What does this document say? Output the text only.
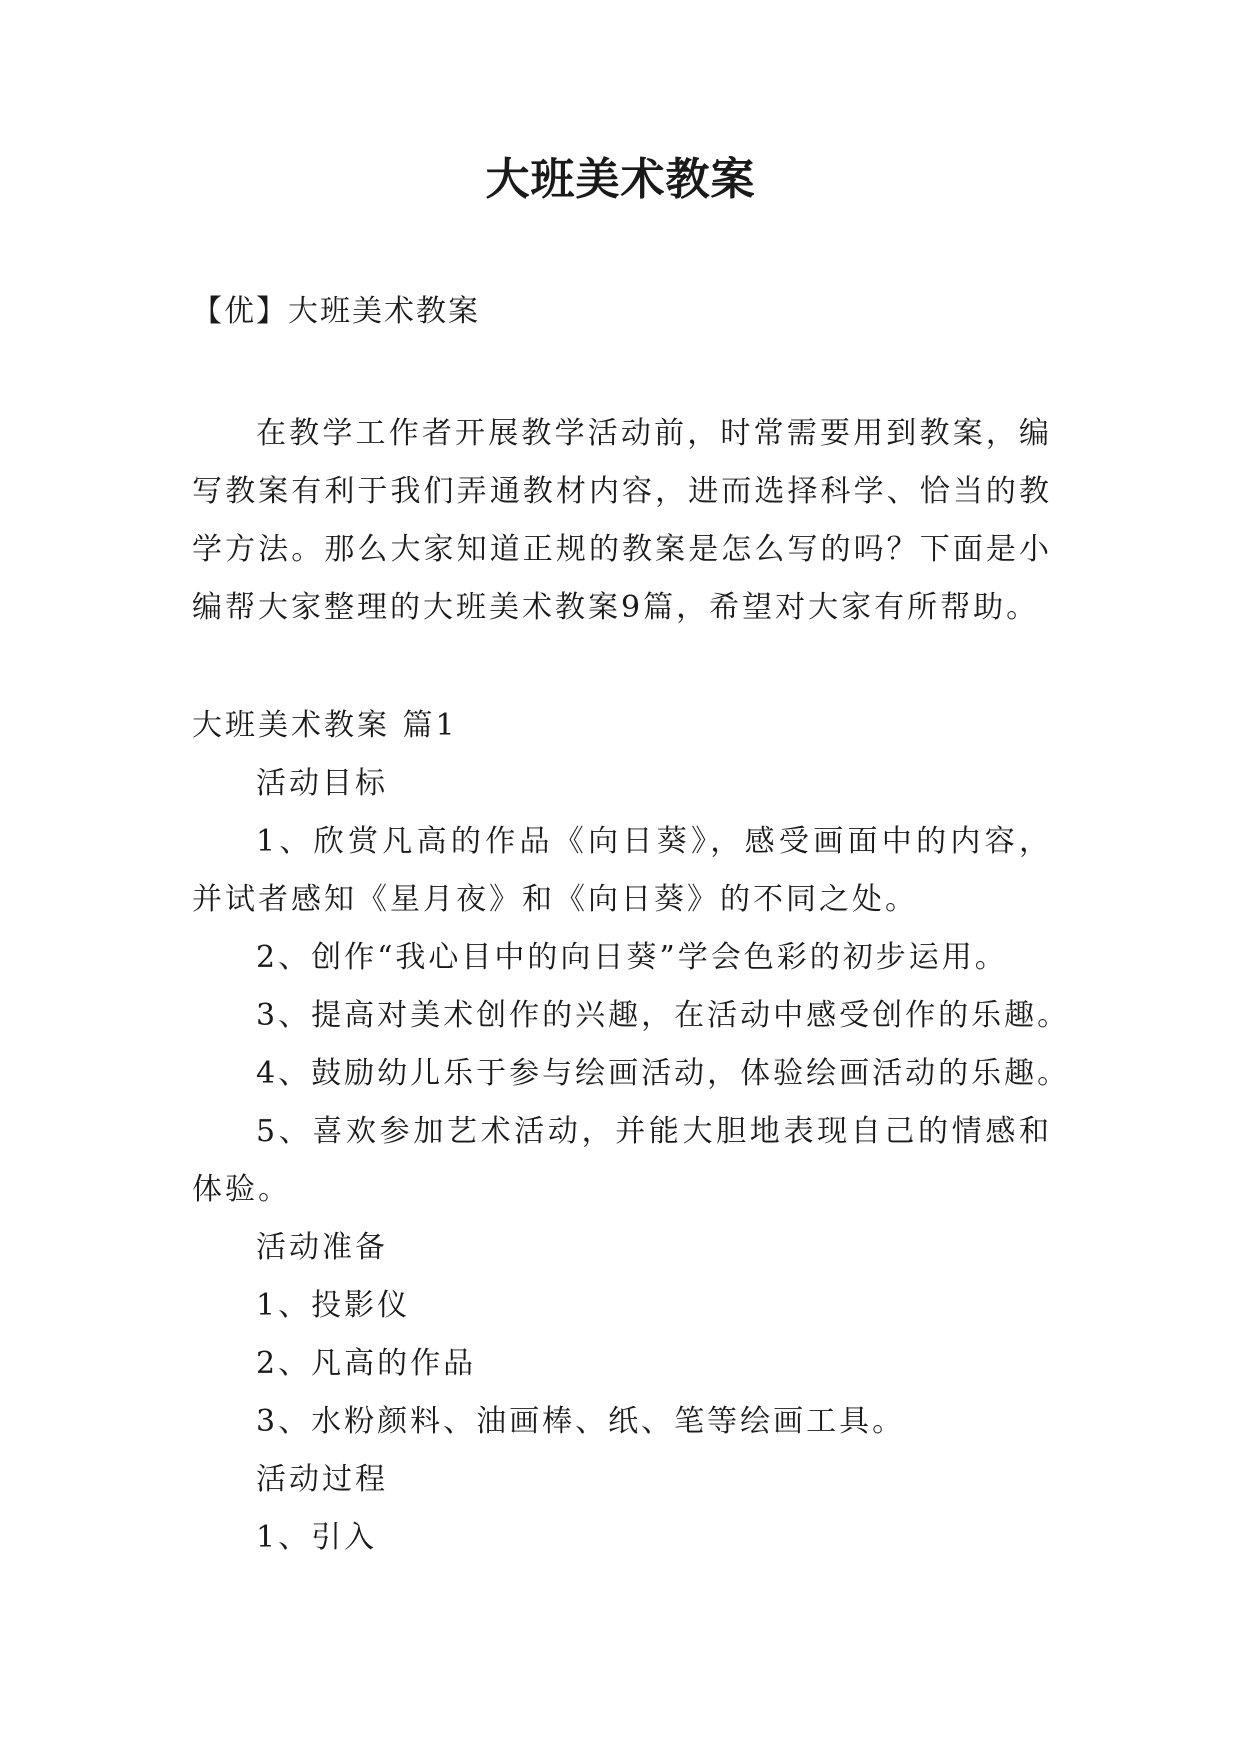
大班美术教案
【优】大班美术教案
在教学工作者开展教学活动前，时常需要用到教案，编写教案有利于我们弄通教材内容，进而选择科学、恰当的教学方法。那么大家知道正规的教案是怎么写的吗？下面是小编帮大家整理的大班美术教案9篇，希望对大家有所帮助。
大班美术教案 篇1
活动目标
1、欣赏凡高的作品《向日葵》，感受画面中的内容，并试者感知《星月夜》和《向日葵》的不同之处。
2、创作“我心目中的向日葵”学会色彩的初步运用。
3、提高对美术创作的兴趣，在活动中感受创作的乐趣。
4、鼓励幼儿乐于参与绘画活动，体验绘画活动的乐趣。
5、喜欢参加艺术活动，并能大胆地表现自己的情感和体验。
活动准备
1、投影仪
2、凡高的作品
3、水粉颜料、油画棒、纸、笔等绘画工具。
活动过程
1、引入
